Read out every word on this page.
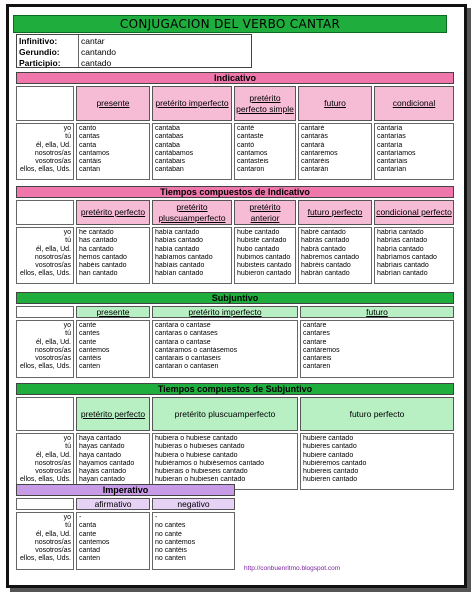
CONJUGACION DEL VERBO CANTAR
Infinitivo:	cantar
Gerundio:	cantando
Participio: cantado
Indicativo
yo
tú
él, ella, Ud.
nosotros/as
vosotros/as
ellos, ellas, Uds.
presente
canto
cantas
canta
cantamos
cantáis
cantan
pretérito imperfecto
cantaba
cantabas
cantaba
cantábamos
cantabais
cantaban
pretérito perfecto simple
canté
cantaste
cantó
cantamos
cantasteis
cantaron
futuro
cantaré
cantarás
cantará
cantaremos
cantaréis
cantarán
condicional
cantaría
cantarías
cantaría
cantaríamos
cantaríais
cantarían
Tiempos compuestos de Indicativo
yo
tú
él, ella, Ud.
nosotros/as
vosotros/as
ellos, ellas, Uds.
pretérito perfecto
he cantado
has cantado
ha cantado
hemos cantado
habéis cantado
han cantado
pretérito pluscuamperfecto
había cantado
habías cantado
había cantado
habíamos cantado
habíais cantado
habían cantado
pretérito anterior
hube cantado
hubiste cantado
hubo cantado
hubimos cantado
hubisteis cantado
hubieron cantado
futuro perfecto
habré cantado
habrás cantado
habrá cantado
habremos cantado
habréis cantado
habrán cantado
condicional perfecto
habría cantado
habrías cantado
habría cantado
habríamos cantado
habríais cantado
habrían cantado
Subjuntivo
yo
tú
él, ella, Ud.
nosotros/as
vosotros/as
ellos, ellas, Uds.
presente
cante
cantes
cante
cantemos
cantéis
canten
pretérito imperfecto
cantara o cantase
cantaras o cantases
cantara o cantase
cantáramos o cantásemos
cantarais o cantaseis
cantaran o cantasen
futuro
cantare
cantares
cantare
cantáremos
cantareis
cantaren
Tiempos compuestos de Subjuntivo
yo
tú
él, ella, Ud.
nosotros/as
vosotros/as
ellos, ellas, Uds.
pretérito perfecto
haya cantado
hayas cantado
haya cantado
hayamos cantado
hayáis cantado
hayan cantado
pretérito pluscuamperfecto
hubiera o hubiese cantado
hubieras o hubieses cantado
hubiera o hubiese cantado
hubiéramos o hubiésemos cantado
hubierais o hubieseis cantado
hubieran o hubiesen cantado
futuro perfecto
hubiere cantado
hubieres cantado
hubiere cantado
hubiéremos cantado
hubiereis cantado
hubieren cantado
Imperativo
yo
tú
él, ella, Ud.
nosotros/as
vosotros/as
ellos, ellas, Uds.
afirmativo
-
canta
cante
cantemos
cantad
canten
negativo
-
no cantes
no cante
no cantemos
no cantéis
no canten
http://conbuenritmo.blogspot.com
